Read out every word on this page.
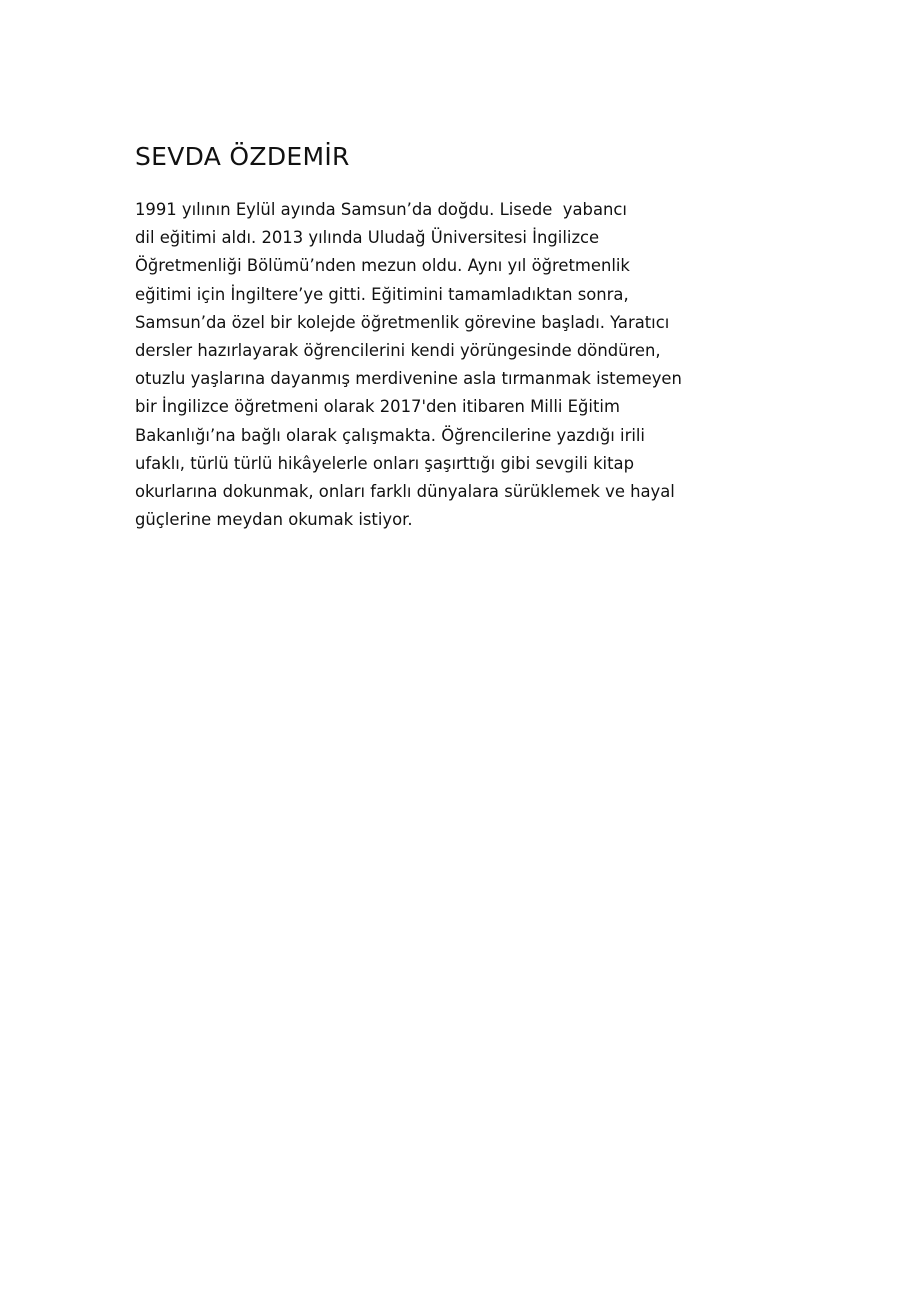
SEVDA ÖZDEMİR
1991 yılının Eylül ayında Samsun’da doğdu. Lisede  yabancı
dil eğitimi aldı. 2013 yılında Uludağ Üniversitesi İngilizce
Öğretmenliği Bölümü’nden mezun oldu. Aynı yıl öğretmenlik
eğitimi için İngiltere’ye gitti. Eğitimini tamamladıktan sonra,
Samsun’da özel bir kolejde öğretmenlik görevine başladı. Yaratıcı
dersler hazırlayarak öğrencilerini kendi yörüngesinde döndüren,
otuzlu yaşlarına dayanmış merdivenine asla tırmanmak istemeyen
bir İngilizce öğretmeni olarak 2017'den itibaren Milli Eğitim
Bakanlığı’na bağlı olarak çalışmakta. Öğrencilerine yazdığı irili
ufaklı, türlü türlü hikâyelerle onları şaşırttığı gibi sevgili kitap
okurlarına dokunmak, onları farklı dünyalara sürüklemek ve hayal
güçlerine meydan okumak istiyor.
